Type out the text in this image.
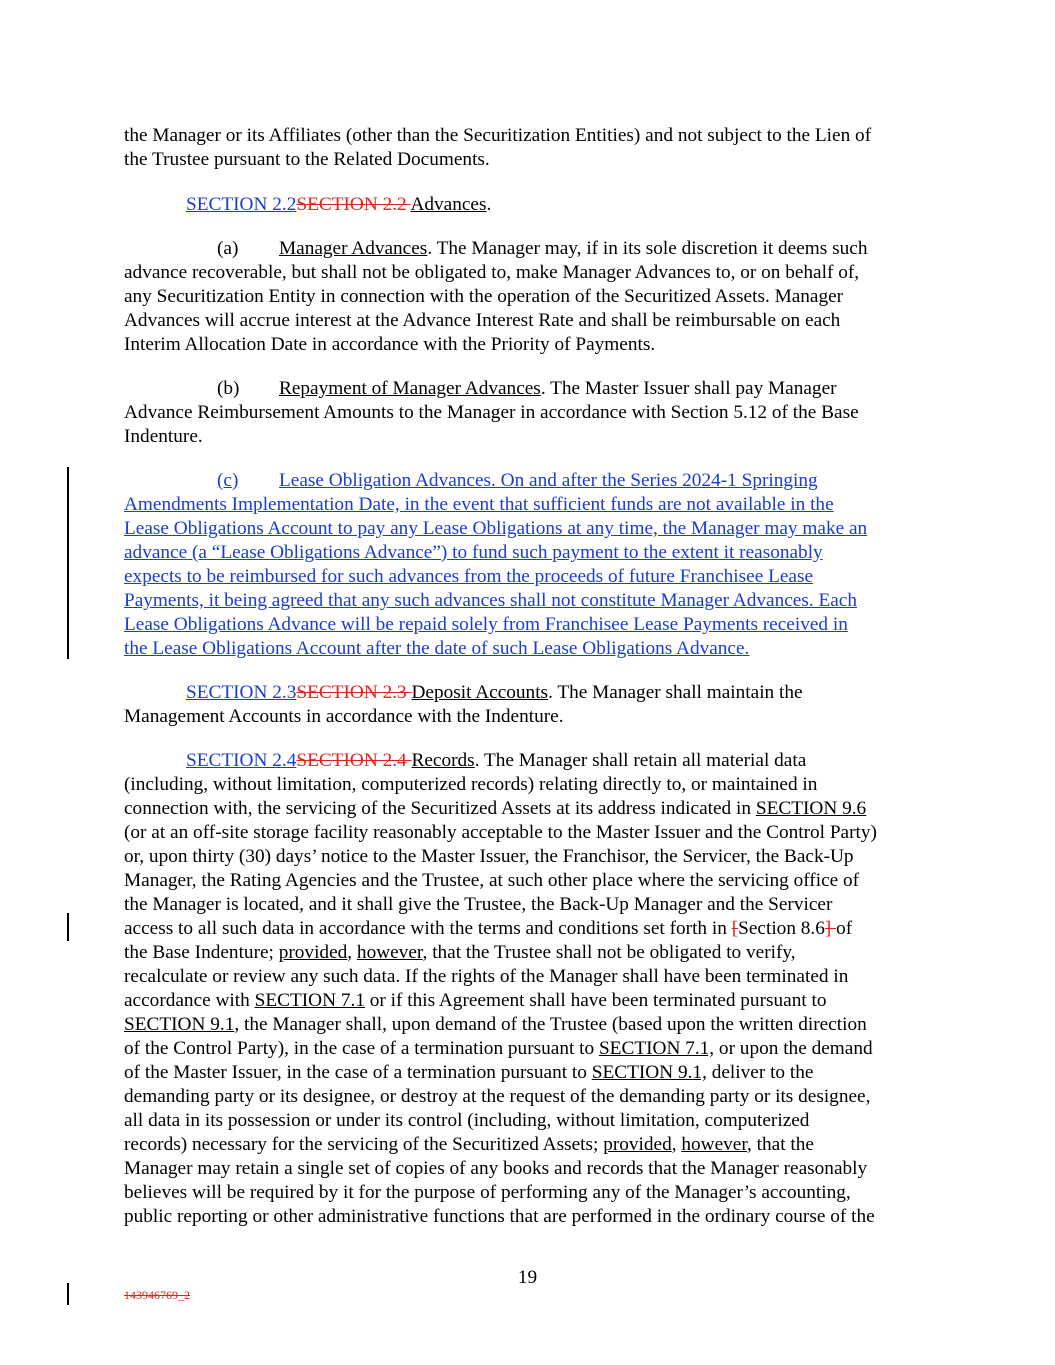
the Manager or its Affiliates (other than the Securitization Entities) and not subject to the Lien of
the Trustee pursuant to the Related Documents.
SECTION 2.2SECTION 2.2 Advances.
(a)	Manager Advances. The Manager may, if in its sole discretion it deems such
advance recoverable, but shall not be obligated to, make Manager Advances to, or on behalf of,
any Securitization Entity in connection with the operation of the Securitized Assets. Manager
Advances will accrue interest at the Advance Interest Rate and shall be reimbursable on each
Interim Allocation Date in accordance with the Priority of Payments.
(b)	Repayment of Manager Advances. The Master Issuer shall pay Manager
Advance Reimbursement Amounts to the Manager in accordance with Section 5.12 of the Base
Indenture.
(c)	Lease Obligation Advances. On and after the Series 2024-1 Springing
Amendments Implementation Date, in the event that sufficient funds are not available in the
Lease Obligations Account to pay any Lease Obligations at any time, the Manager may make an
advance (a “Lease Obligations Advance”) to fund such payment to the extent it reasonably
expects to be reimbursed for such advances from the proceeds of future Franchisee Lease
Payments, it being agreed that any such advances shall not constitute Manager Advances. Each
Lease Obligations Advance will be repaid solely from Franchisee Lease Payments received in
the Lease Obligations Account after the date of such Lease Obligations Advance.
SECTION 2.3SECTION 2.3 Deposit Accounts. The Manager shall maintain the
Management Accounts in accordance with the Indenture.
SECTION 2.4SECTION 2.4 Records. The Manager shall retain all material data
(including, without limitation, computerized records) relating directly to, or maintained in
connection with, the servicing of the Securitized Assets at its address indicated in SECTION 9.6
(or at an off-site storage facility reasonably acceptable to the Master Issuer and the Control Party)
or, upon thirty (30) days’ notice to the Master Issuer, the Franchisor, the Servicer, the Back-Up
Manager, the Rating Agencies and the Trustee, at such other place where the servicing office of
the Manager is located, and it shall give the Trustee, the Back-Up Manager and the Servicer
access to all such data in accordance with the terms and conditions set forth in [Section 8.6] of
the Base Indenture; provided, however, that the Trustee shall not be obligated to verify,
recalculate or review any such data. If the rights of the Manager shall have been terminated in
accordance with SECTION 7.1 or if this Agreement shall have been terminated pursuant to
SECTION 9.1, the Manager shall, upon demand of the Trustee (based upon the written direction
of the Control Party), in the case of a termination pursuant to SECTION 7.1, or upon the demand
of the Master Issuer, in the case of a termination pursuant to SECTION 9.1, deliver to the
demanding party or its designee, or destroy at the request of the demanding party or its designee,
all data in its possession or under its control (including, without limitation, computerized
records) necessary for the servicing of the Securitized Assets; provided, however, that the
Manager may retain a single set of copies of any books and records that the Manager reasonably
believes will be required by it for the purpose of performing any of the Manager’s accounting,
public reporting or other administrative functions that are performed in the ordinary course of the
19
143946769_2
